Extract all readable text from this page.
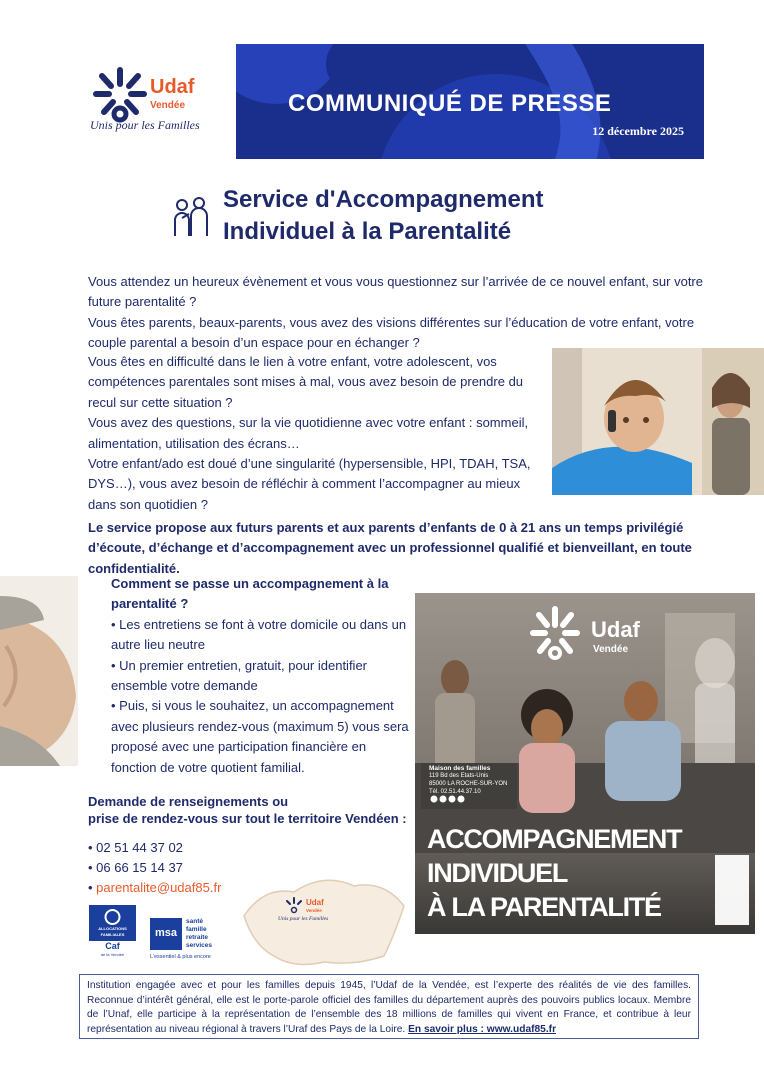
Udaf
Vendée
Unis pour les Familles
COMMUNIQUÉ DE PRESSE
12 décembre 2025
Service d'Accompagnement
Individuel à la Parentalité
Vous attendez un heureux évènement et vous vous questionnez sur l’arrivée de ce nouvel enfant, sur votre future parentalité ?
Vous êtes parents, beaux-parents, vous avez des visions différentes sur l’éducation de votre enfant, votre couple parental a besoin d’un espace pour en échanger ?
Vous êtes en difficulté dans le lien à votre enfant, votre adolescent, vos compétences parentales sont mises à mal, vous avez besoin de prendre du recul sur cette situation ?
Vous avez des questions, sur la vie quotidienne avec votre enfant : sommeil, alimentation, utilisation des écrans…
Votre enfant/ado est doué d’une singularité (hypersensible, HPI, TDAH, TSA, DYS…), vous avez besoin de réfléchir à comment l’accompagner au mieux dans son quotidien ?
Le service propose aux futurs parents et aux parents d’enfants de 0 à 21 ans un temps privilégié d’écoute, d’échange et d’accompagnement avec un professionnel qualifié et bienveillant, en toute confidentialité.
Comment se passe un accompagnement à la parentalité ?
• Les entretiens se font à votre domicile ou dans un autre lieu neutre
• Un premier entretien, gratuit, pour identifier ensemble votre demande
• Puis, si vous le souhaitez, un accompagnement avec plusieurs rendez-vous (maximum 5) vous sera proposé avec une participation financière en fonction de votre quotient familial.
Demande de renseignements ou
prise de rendez-vous sur tout le territoire Vendéen :
• 02 51 44 37 02
• 06 66 15 14 37
• parentalite@udaf85.fr
ALLOCATIONS
FAMILIALES
Caf
de la Vendée
msa
santé
famille
retraite
services
L’essentiel & plus encore
Udaf
Vendée
Unis pour les Familles
Udaf
Vendée
Maison des familles
119 Bd des Etats-Unis
85000 LA ROCHE-SUR-YON
Tél. 02.51.44.37.10
ACCOMPAGNEMENT
INDIVIDUEL
À LA PARENTALITÉ
Institution engagée avec et pour les familles depuis 1945, l’Udaf de la Vendée, est l’experte des réalités de vie des familles. Reconnue d’intérêt général, elle est le porte-parole officiel des familles du département auprès des pouvoirs publics locaux. Membre de l’Unaf, elle participe à la représentation de l’ensemble des 18 millions de familles qui vivent en France, et contribue à leur représentation au niveau régional à travers l’Uraf des Pays de la Loire. En savoir plus : www.udaf85.fr
